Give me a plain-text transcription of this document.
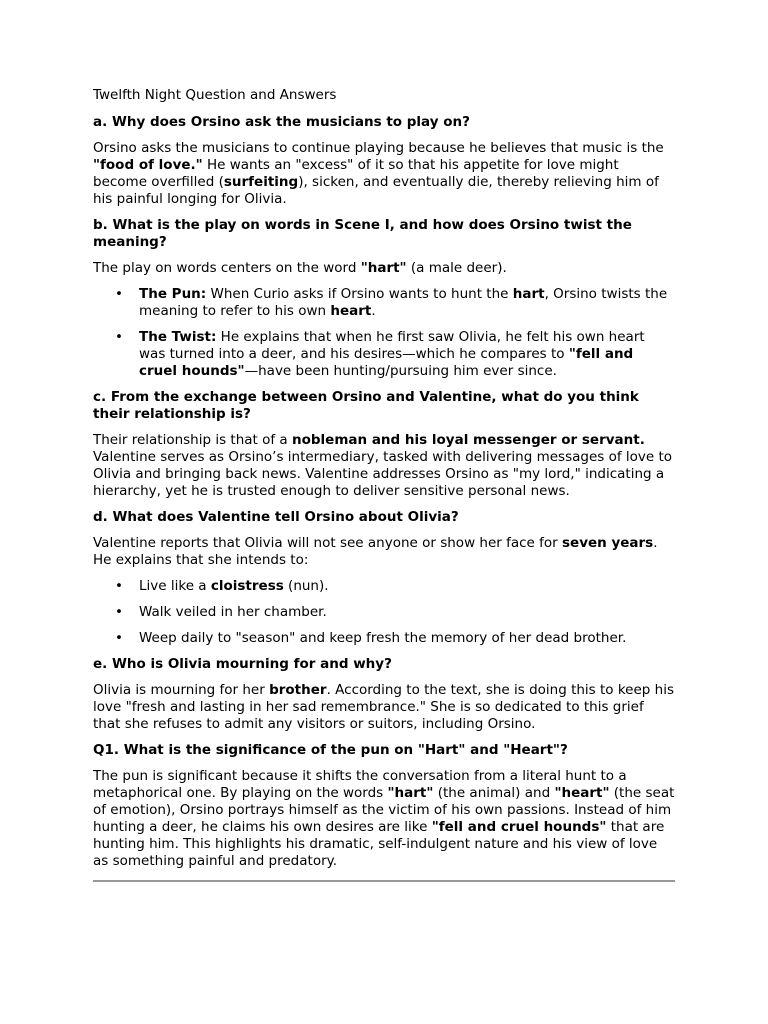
Twelfth Night Question and Answers

a. Why does Orsino ask the musicians to play on?

Orsino asks the musicians to continue playing because he believes that music is the "food of love." He wants an "excess" of it so that his appetite for love might become overfilled (surfeiting), sicken, and eventually die, thereby relieving him of his painful longing for Olivia.

b. What is the play on words in Scene I, and how does Orsino twist the meaning?

The play on words centers on the word "hart" (a male deer).

• The Pun: When Curio asks if Orsino wants to hunt the hart, Orsino twists the meaning to refer to his own heart.
• The Twist: He explains that when he first saw Olivia, he felt his own heart was turned into a deer, and his desires—which he compares to "fell and cruel hounds"—have been hunting/pursuing him ever since.

c. From the exchange between Orsino and Valentine, what do you think their relationship is?

Their relationship is that of a nobleman and his loyal messenger or servant. Valentine serves as Orsino’s intermediary, tasked with delivering messages of love to Olivia and bringing back news. Valentine addresses Orsino as "my lord," indicating a hierarchy, yet he is trusted enough to deliver sensitive personal news.

d. What does Valentine tell Orsino about Olivia?

Valentine reports that Olivia will not see anyone or show her face for seven years. He explains that she intends to:

• Live like a cloistress (nun).
• Walk veiled in her chamber.
• Weep daily to "season" and keep fresh the memory of her dead brother.

e. Who is Olivia mourning for and why?

Olivia is mourning for her brother. According to the text, she is doing this to keep his love "fresh and lasting in her sad remembrance." She is so dedicated to this grief that she refuses to admit any visitors or suitors, including Orsino.

Q1. What is the significance of the pun on "Hart" and "Heart"?

The pun is significant because it shifts the conversation from a literal hunt to a metaphorical one. By playing on the words "hart" (the animal) and "heart" (the seat of emotion), Orsino portrays himself as the victim of his own passions. Instead of him hunting a deer, he claims his own desires are like "fell and cruel hounds" that are hunting him. This highlights his dramatic, self-indulgent nature and his view of love as something painful and predatory.
